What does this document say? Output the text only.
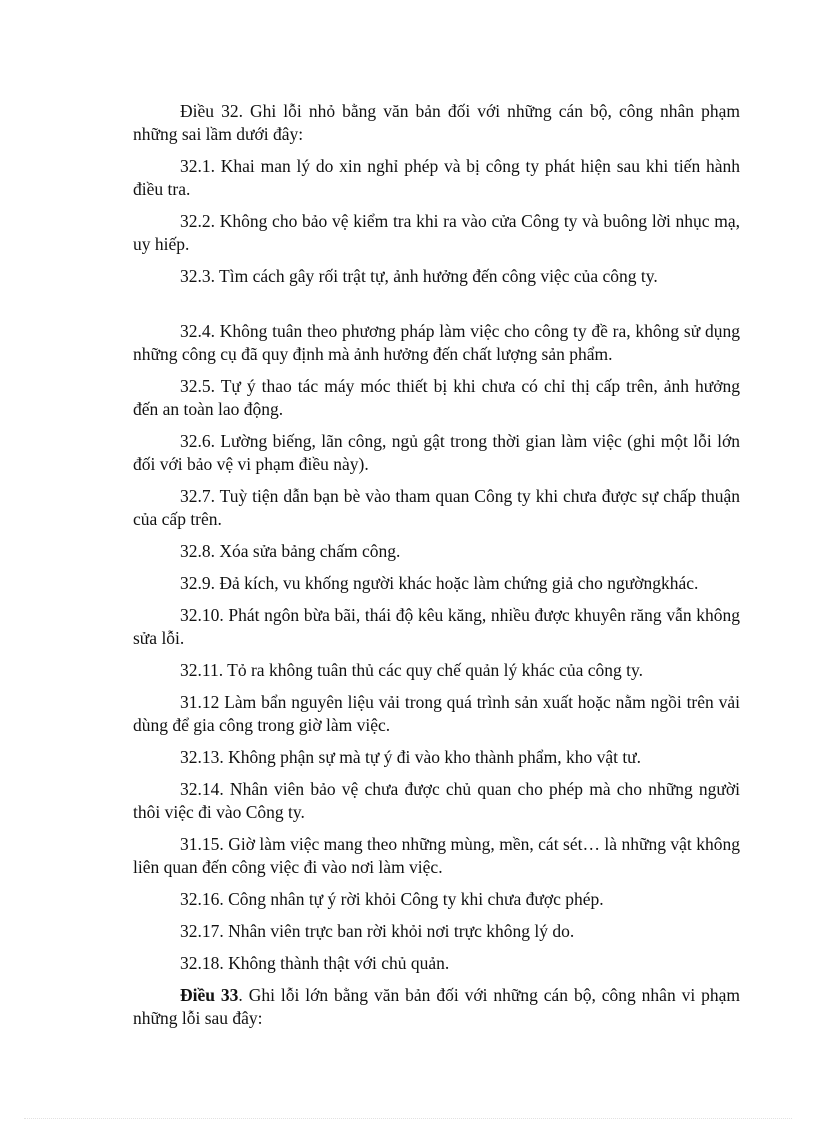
Điều 32. Ghi lỗi nhỏ bằng văn bản đối với những cán bộ, công nhân phạm những sai lầm dưới đây:

32.1. Khai man lý do xin nghỉ phép và bị công ty phát hiện sau khi tiến hành điều tra.

32.2. Không cho bảo vệ kiểm tra khi ra vào cửa Công ty và buông lời nhục mạ, uy hiếp.

32.3. Tìm cách gây rối trật tự, ảnh hưởng đến công việc của công ty.

32.4. Không tuân theo phương pháp làm việc cho công ty đề ra, không sử dụng những công cụ đã quy định mà ảnh hưởng đến chất lượng sản phẩm.

32.5. Tự ý thao tác máy móc thiết bị khi chưa có chỉ thị cấp trên, ảnh hưởng đến an toàn lao động.

32.6. Lường biếng, lãn công, ngủ gật trong thời gian làm việc (ghi một lỗi lớn đối với bảo vệ vi phạm điều này).

32.7. Tuỳ tiện dẫn bạn bè vào tham quan Công ty khi chưa được sự chấp thuận của cấp trên.

32.8. Xóa sửa bảng chấm công.

32.9. Đả kích, vu khống người khác hoặc làm chứng giả cho ngườngkhác.

32.10. Phát ngôn bừa bãi, thái độ kêu kăng, nhiều được khuyên răng vẫn không sửa lỗi.

32.11. Tỏ ra không tuân thủ các quy chế quản lý khác của công ty.

31.12 Làm bẩn nguyên liệu vải trong quá trình sản xuất hoặc nằm ngồi trên vải dùng để gia công trong giờ làm việc.

32.13. Không phận sự mà tự ý đi vào kho thành phẩm, kho vật tư.

32.14. Nhân viên bảo vệ chưa được chủ quan cho phép mà cho những người thôi việc đi vào Công ty.

31.15. Giờ làm việc mang theo những mùng, mền, cát sét… là những vật không liên quan đến công việc đi vào nơi làm việc.

32.16. Công nhân tự ý rời khỏi Công ty khi chưa được phép.

32.17. Nhân viên trực ban rời khỏi nơi trực không lý do.

32.18. Không thành thật với chủ quản.

Điều 33. Ghi lỗi lớn bằng văn bản đối với những cán bộ, công nhân vi phạm những lỗi sau đây:
